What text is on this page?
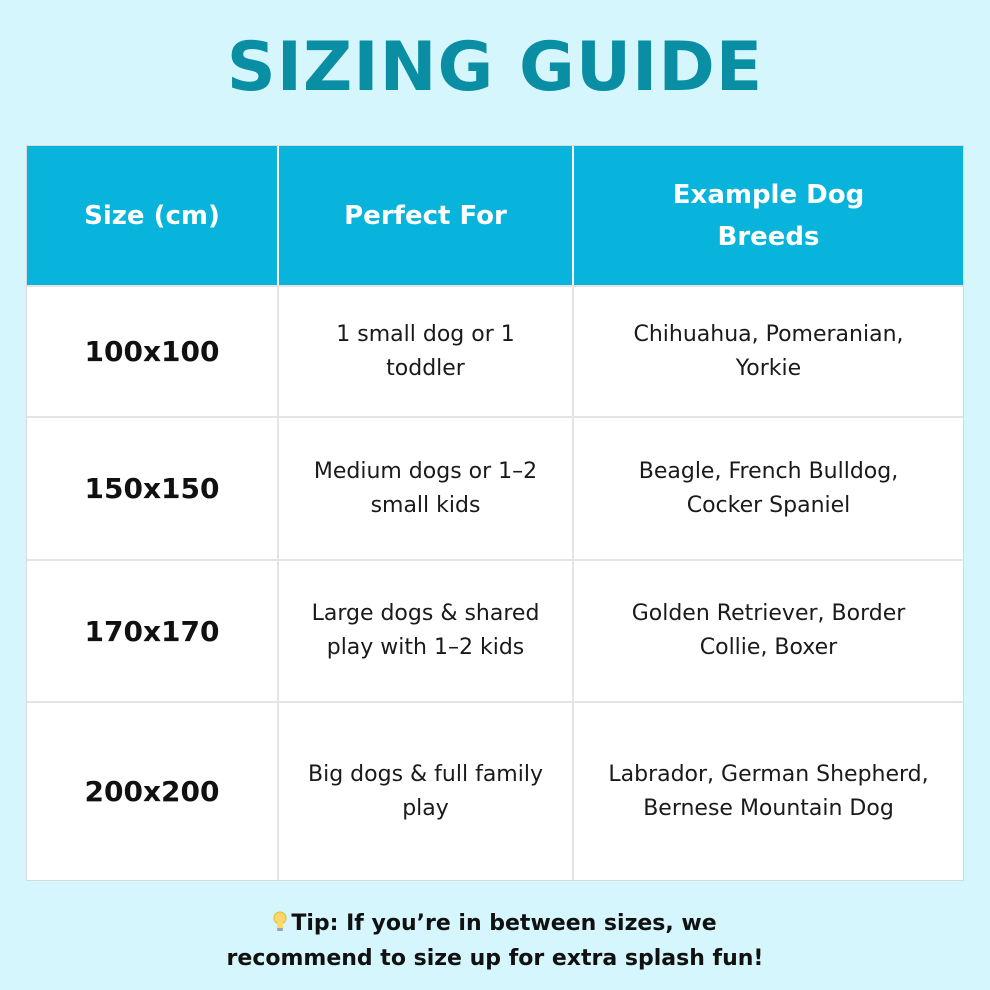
SIZING GUIDE
Size (cm)	Perfect For
Example Dog Breeds
100x100
1 small dog or 1 toddler
Chihuahua, Pomeranian, Yorkie
150x150
Medium dogs or 1–2 small kids
Beagle, French Bulldog, Cocker Spaniel
170x170
Large dogs & shared play with 1–2 kids
Golden Retriever, Border Collie, Boxer
200x200
Big dogs & full family play
Labrador, German Shepherd, Bernese Mountain Dog
Tip: If you’re in between sizes, we
recommend to size up for extra splash fun!
